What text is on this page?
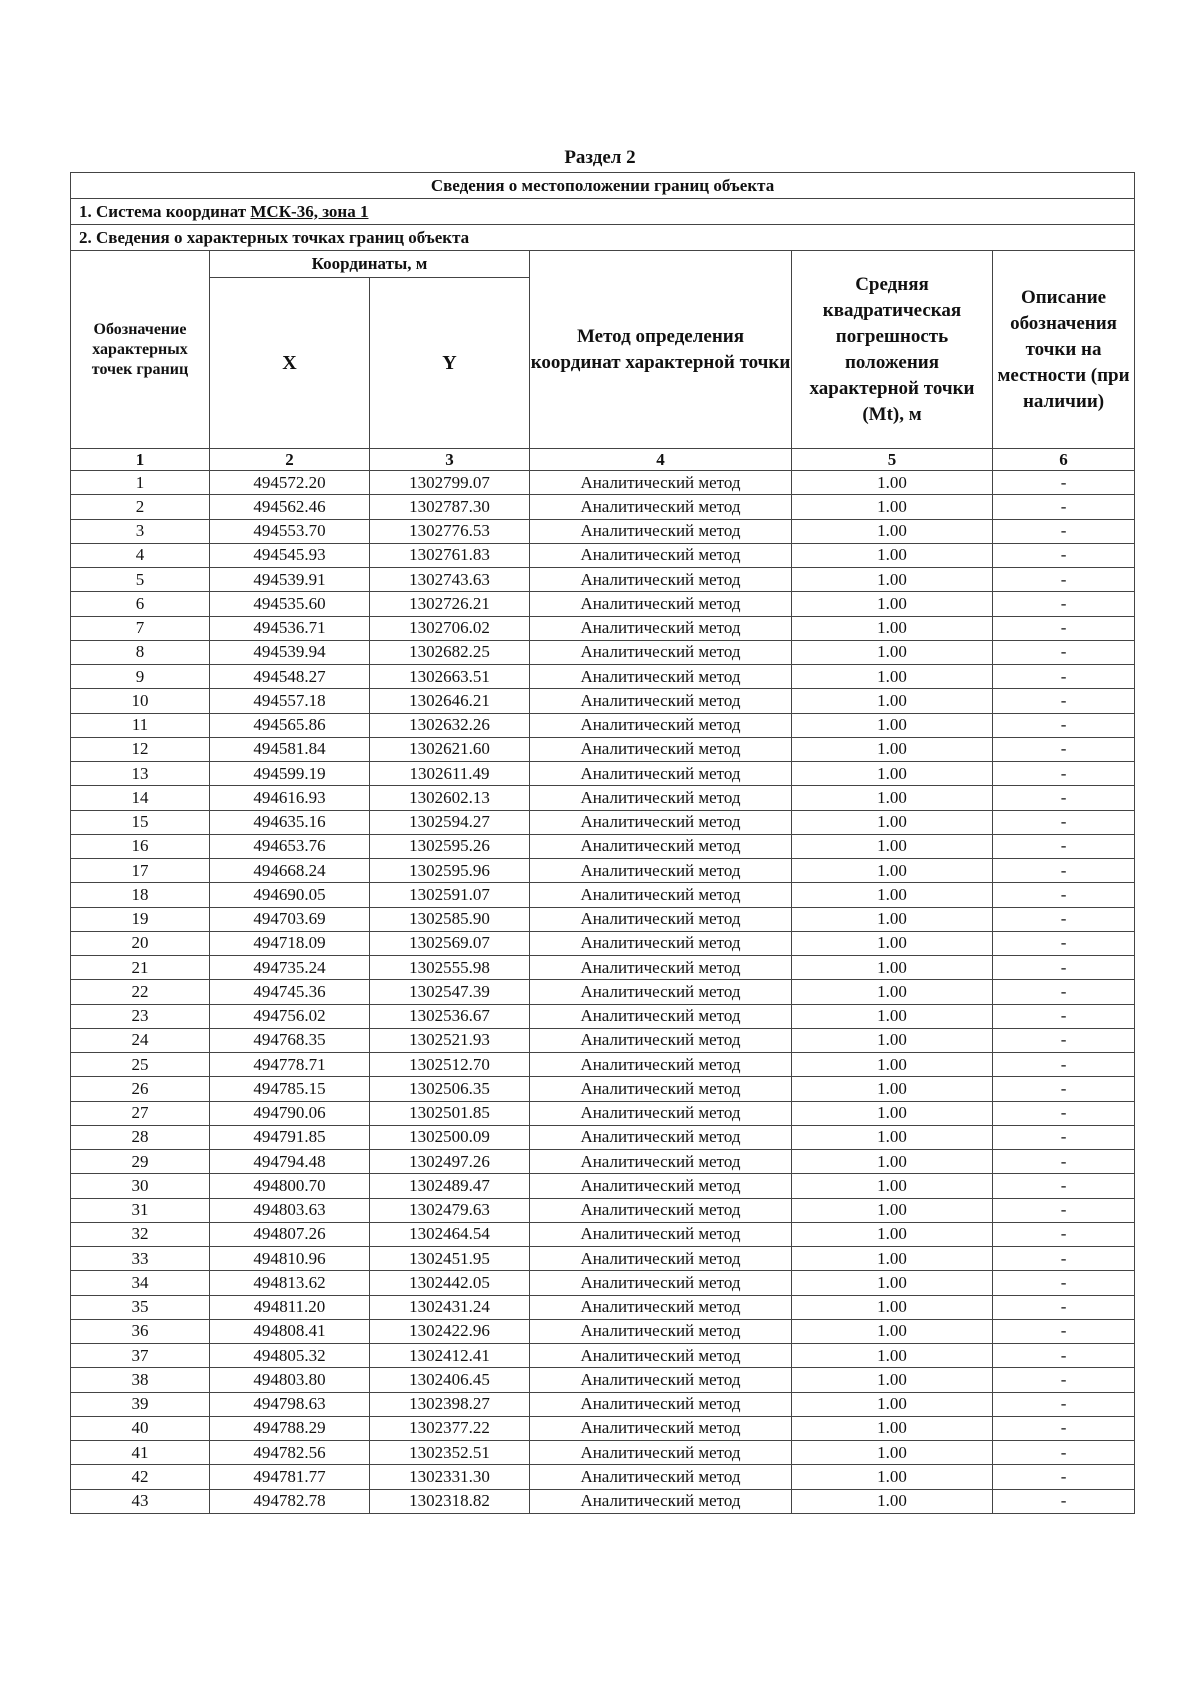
Раздел 2
Сведения о местоположении границ объекта					
1. Система координат МСК-36, зона 1					
2. Сведения о характерных точках границ объекта					
Обозначение характерных точек границ	Координаты, м		Метод определения координат характерной точки	Средняя квадратическая погрешность положения характерной точки (Mt), м	Описание обозначения точки на местности (при наличии)
	X	Y			
1	2	3	4	5	6
1	494572.20	1302799.07	Аналитический метод	1.00	-
2	494562.46	1302787.30	Аналитический метод	1.00	-
3	494553.70	1302776.53	Аналитический метод	1.00	-
4	494545.93	1302761.83	Аналитический метод	1.00	-
5	494539.91	1302743.63	Аналитический метод	1.00	-
6	494535.60	1302726.21	Аналитический метод	1.00	-
7	494536.71	1302706.02	Аналитический метод	1.00	-
8	494539.94	1302682.25	Аналитический метод	1.00	-
9	494548.27	1302663.51	Аналитический метод	1.00	-
10	494557.18	1302646.21	Аналитический метод	1.00	-
11	494565.86	1302632.26	Аналитический метод	1.00	-
12	494581.84	1302621.60	Аналитический метод	1.00	-
13	494599.19	1302611.49	Аналитический метод	1.00	-
14	494616.93	1302602.13	Аналитический метод	1.00	-
15	494635.16	1302594.27	Аналитический метод	1.00	-
16	494653.76	1302595.26	Аналитический метод	1.00	-
17	494668.24	1302595.96	Аналитический метод	1.00	-
18	494690.05	1302591.07	Аналитический метод	1.00	-
19	494703.69	1302585.90	Аналитический метод	1.00	-
20	494718.09	1302569.07	Аналитический метод	1.00	-
21	494735.24	1302555.98	Аналитический метод	1.00	-
22	494745.36	1302547.39	Аналитический метод	1.00	-
23	494756.02	1302536.67	Аналитический метод	1.00	-
24	494768.35	1302521.93	Аналитический метод	1.00	-
25	494778.71	1302512.70	Аналитический метод	1.00	-
26	494785.15	1302506.35	Аналитический метод	1.00	-
27	494790.06	1302501.85	Аналитический метод	1.00	-
28	494791.85	1302500.09	Аналитический метод	1.00	-
29	494794.48	1302497.26	Аналитический метод	1.00	-
30	494800.70	1302489.47	Аналитический метод	1.00	-
31	494803.63	1302479.63	Аналитический метод	1.00	-
32	494807.26	1302464.54	Аналитический метод	1.00	-
33	494810.96	1302451.95	Аналитический метод	1.00	-
34	494813.62	1302442.05	Аналитический метод	1.00	-
35	494811.20	1302431.24	Аналитический метод	1.00	-
36	494808.41	1302422.96	Аналитический метод	1.00	-
37	494805.32	1302412.41	Аналитический метод	1.00	-
38	494803.80	1302406.45	Аналитический метод	1.00	-
39	494798.63	1302398.27	Аналитический метод	1.00	-
40	494788.29	1302377.22	Аналитический метод	1.00	-
41	494782.56	1302352.51	Аналитический метод	1.00	-
42	494781.77	1302331.30	Аналитический метод	1.00	-
43	494782.78	1302318.82	Аналитический метод	1.00	-
